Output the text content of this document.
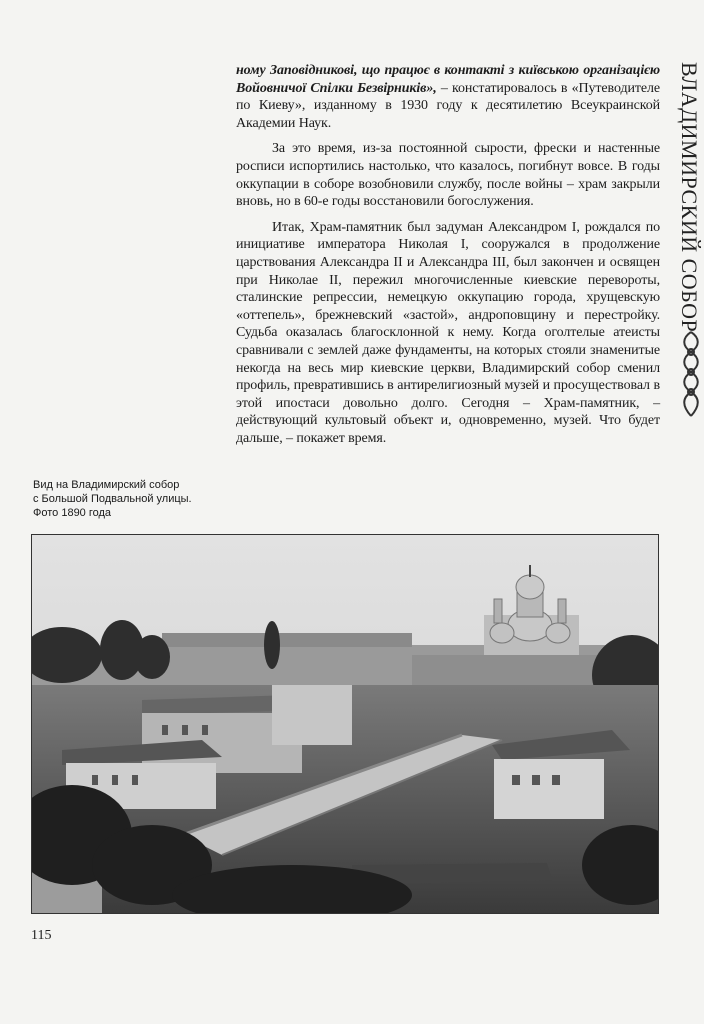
ному Заповідникові, що працює в контакті з київською організацією Войовничої Спілки Безвірників», – констатировалось в «Путеводителе по Киеву», изданному в 1930 году к десятилетию Всеукраинской Академии Наук.

За это время, из-за постоянной сырости, фрески и настенные росписи испортились настолько, что казалось, погибнут вовсе. В годы оккупации в соборе возобновили службу, после войны – храм закрыли вновь, но в 60-е годы восстановили богослужения.

Итак, Храм-памятник был задуман Александром I, рождался по инициативе императора Николая I, сооружался в продолжение царствования Александра II и Александра III, был закончен и освящен при Николае II, пережил многочисленные киевские перевороты, сталинские репрессии, немецкую оккупацию города, хрущевскую «оттепель», брежневский «застой», андроповщину и перестройку. Судьба оказалась благосклонной к нему. Когда оголтелые атеисты сравнивали с землей даже фундаменты, на которых стояли знаменитые некогда на весь мир киевские церкви, Владимирский собор сменил профиль, превратившись в антирелигиозный музей и просуществовал в этой ипостаси довольно долго. Сегодня – Храм-памятник, – действующий культовый объект и, одновременно, музей. Что будет дальше, – покажет время.

ВЛАДИМИРСКИЙ СОБОР
Вид на Владимирский собор
с Большой Подвальной улицы.
Фото 1890 года
115
